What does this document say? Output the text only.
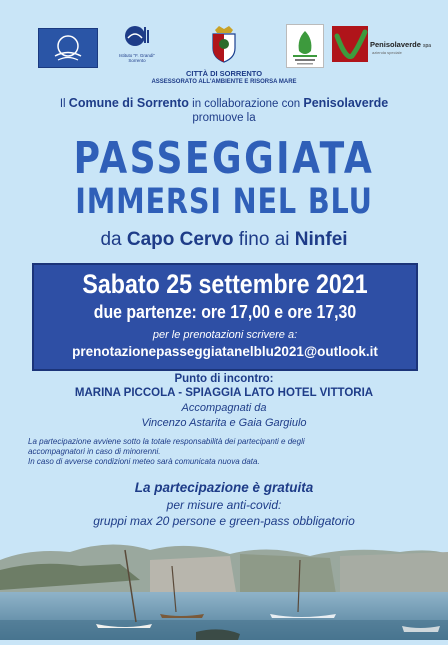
Istituto "F. Grandi"
Sorrento
Penisolaverde spa
azienda speciale
CITTÀ DI SORRENTO
ASSESSORATO ALL'AMBIENTE E RISORSA MARE
Il Comune di Sorrento in collaborazione con Penisolaverde
promuove la
PASSEGGIATA
IMMERSI NEL BLU
da Capo Cervo fino ai Ninfei
Sabato 25 settembre 2021
due partenze: ore 17,00 e ore 17,30
per le prenotazioni scrivere a:
prenotazionepasseggiatanelblu2021@outlook.it
Punto di incontro:
MARINA PICCOLA - SPIAGGIA LATO HOTEL VITTORIA
Accompagnati da
Vincenzo Astarita e Gaia Gargiulo
La partecipazione avviene sotto la totale responsabilità dei partecipanti e degli
accompagnatori in caso di minorenni.
In caso di avverse condizioni meteo sarà comunicata nuova data.
La partecipazione è gratuita
per misure anti-covid:
gruppi max 20 persone e green-pass obbligatorio
